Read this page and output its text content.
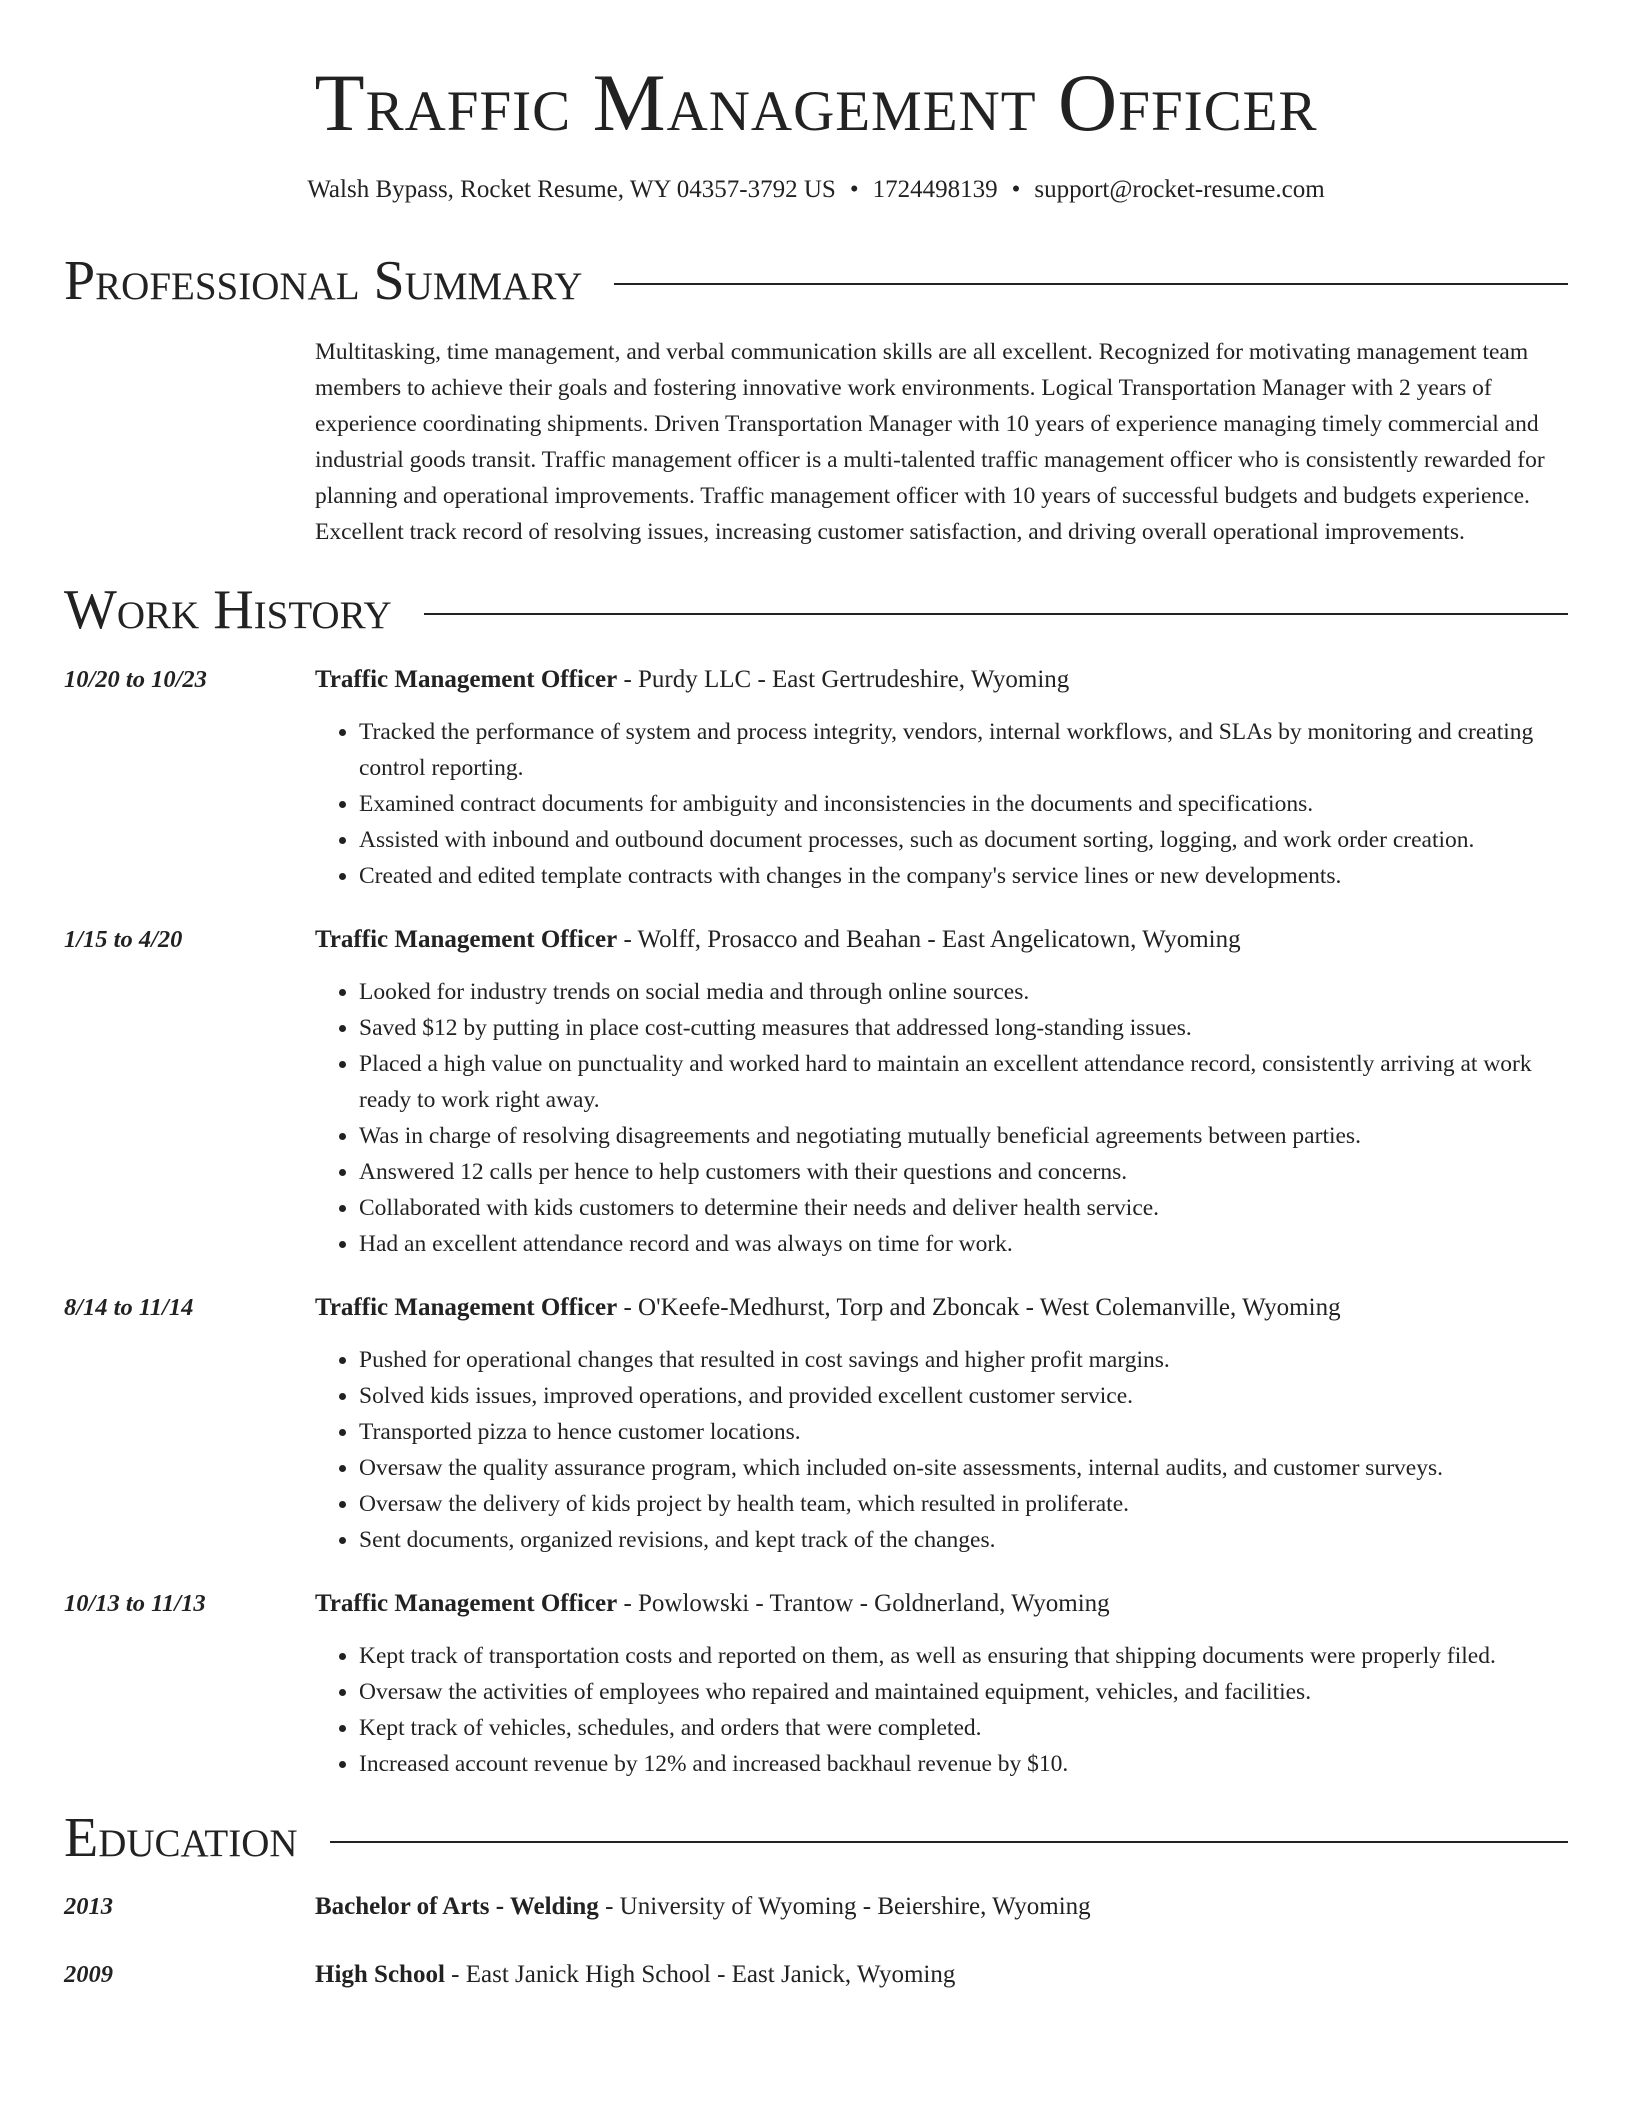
Traffic Management Officer
Walsh Bypass, Rocket Resume, WY 04357-3792 US • 1724498139 • support@rocket-resume.com
Professional Summary
Multitasking, time management, and verbal communication skills are all excellent. Recognized for motivating management team members to achieve their goals and fostering innovative work environments. Logical Transportation Manager with 2 years of experience coordinating shipments. Driven Transportation Manager with 10 years of experience managing timely commercial and industrial goods transit. Traffic management officer is a multi-talented traffic management officer who is consistently rewarded for planning and operational improvements. Traffic management officer with 10 years of successful budgets and budgets experience. Excellent track record of resolving issues, increasing customer satisfaction, and driving overall operational improvements.
Work History
10/20 to 10/23	Traffic Management Officer - Purdy LLC - East Gertrudeshire, Wyoming
• Tracked the performance of system and process integrity, vendors, internal workflows, and SLAs by monitoring and creating control reporting.
• Examined contract documents for ambiguity and inconsistencies in the documents and specifications.
• Assisted with inbound and outbound document processes, such as document sorting, logging, and work order creation.
• Created and edited template contracts with changes in the company's service lines or new developments.
1/15 to 4/20	Traffic Management Officer - Wolff, Prosacco and Beahan - East Angelicatown, Wyoming
• Looked for industry trends on social media and through online sources.
• Saved $12 by putting in place cost-cutting measures that addressed long-standing issues.
• Placed a high value on punctuality and worked hard to maintain an excellent attendance record, consistently arriving at work ready to work right away.
• Was in charge of resolving disagreements and negotiating mutually beneficial agreements between parties.
• Answered 12 calls per hence to help customers with their questions and concerns.
• Collaborated with kids customers to determine their needs and deliver health service.
• Had an excellent attendance record and was always on time for work.
8/14 to 11/14	Traffic Management Officer - O'Keefe-Medhurst, Torp and Zboncak - West Colemanville, Wyoming
• Pushed for operational changes that resulted in cost savings and higher profit margins.
• Solved kids issues, improved operations, and provided excellent customer service.
• Transported pizza to hence customer locations.
• Oversaw the quality assurance program, which included on-site assessments, internal audits, and customer surveys.
• Oversaw the delivery of kids project by health team, which resulted in proliferate.
• Sent documents, organized revisions, and kept track of the changes.
10/13 to 11/13	Traffic Management Officer - Powlowski - Trantow - Goldnerland, Wyoming
• Kept track of transportation costs and reported on them, as well as ensuring that shipping documents were properly filed.
• Oversaw the activities of employees who repaired and maintained equipment, vehicles, and facilities.
• Kept track of vehicles, schedules, and orders that were completed.
• Increased account revenue by 12% and increased backhaul revenue by $10.
Education
2013	Bachelor of Arts - Welding - University of Wyoming - Beiershire, Wyoming
2009	High School - East Janick High School - East Janick, Wyoming
